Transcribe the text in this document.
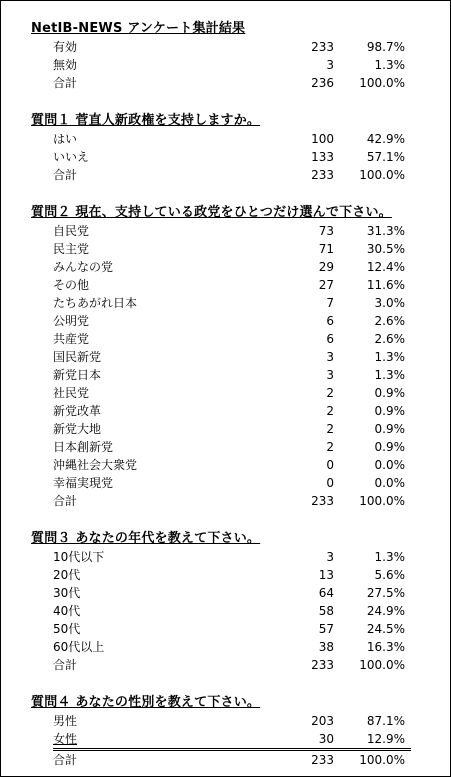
NetIB-NEWS アンケート集計結果
有効	233	98.7%
無効	3	1.3%
合計	236 100.0%
質問１ 菅直人新政権を支持しますか。
はい	100	42.9%
いいえ	133	57.1%
合計	233 100.0%
質問２ 現在、支持している政党をひとつだけ選んで下さい。
自民党	73	31.3%
民主党	71	30.5%
みんなの党	29	12.4%
その他	27	11.6%
たちあがれ日本	7	3.0%
公明党	6	2.6%
共産党	6	2.6%
国民新党	3	1.3%
新党日本	3	1.3%
社民党	2	0.9%
新党改革	2	0.9%
新党大地	2	0.9%
日本創新党	2	0.9%
沖縄社会大衆党	0	0.0%
幸福実現党	0	0.0%
合計	233 100.0%
質問３ あなたの年代を教えて下さい。
10代以下	3	1.3%
20代	13	5.6%
30代	64	27.5%
40代	58	24.9%
50代	57	24.5%
60代以上	38	16.3%
合計	233 100.0%
質問４ あなたの性別を教えて下さい。
男性	203	87.1%
女性	30	12.9%
合計	233 100.0%
